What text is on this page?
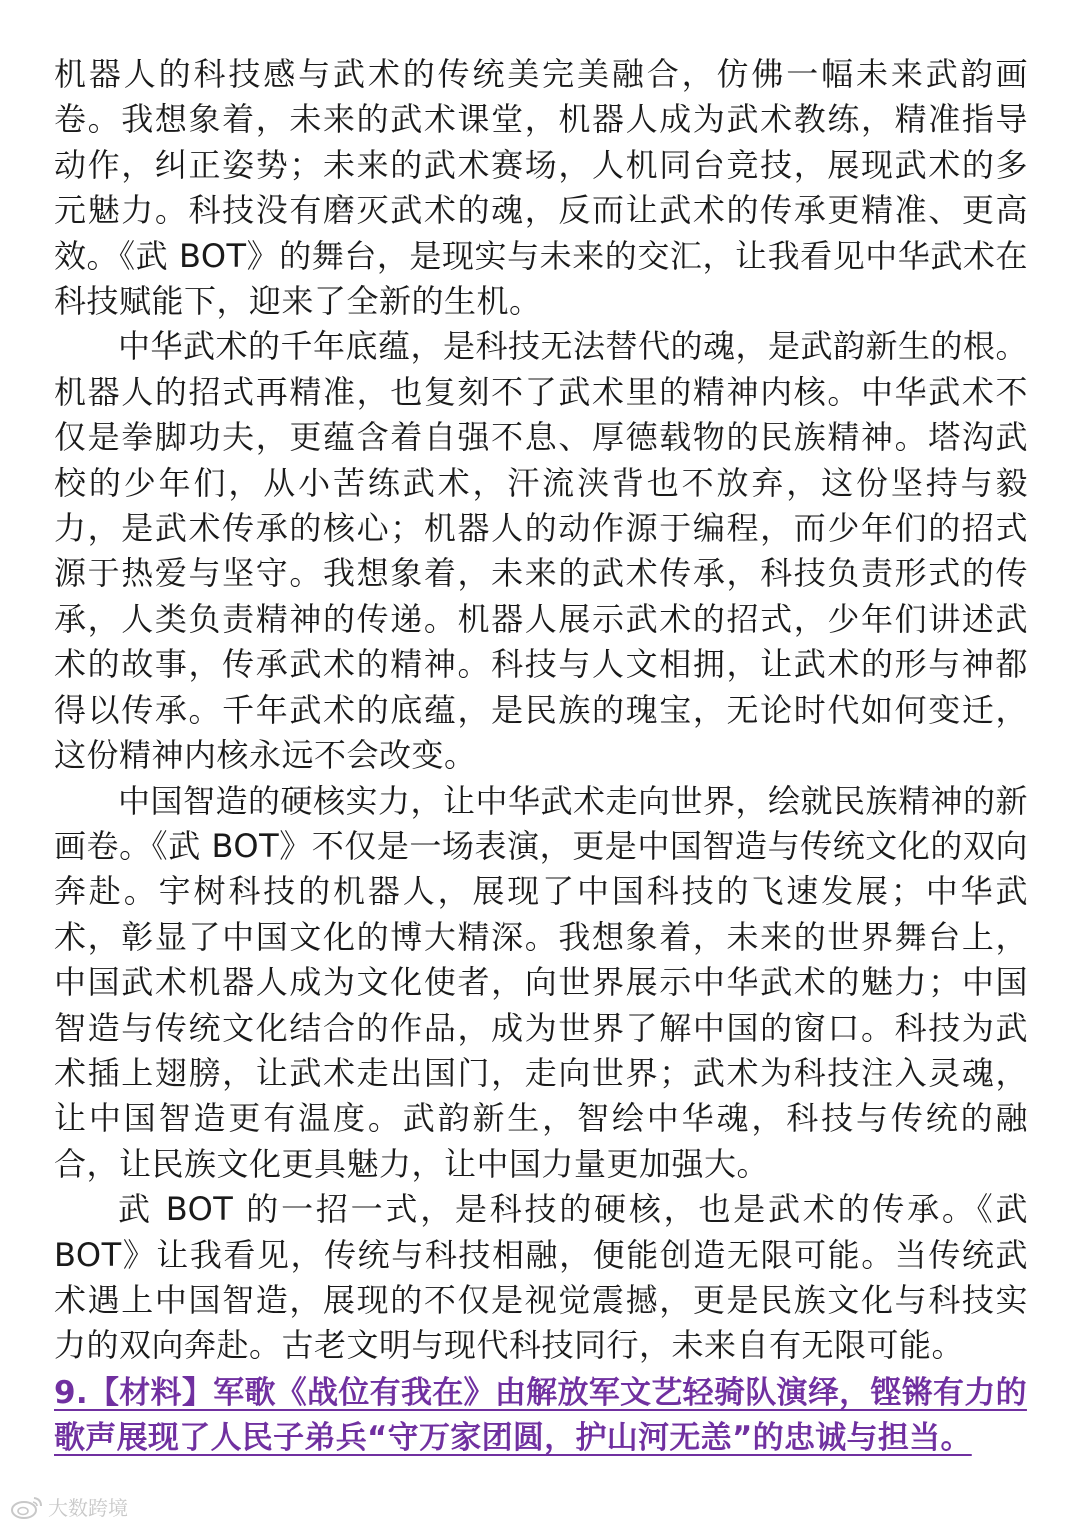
机器人的科技感与武术的传统美完美融合，仿佛一幅未来武韵画卷。我想象着，未来的武术课堂，机器人成为武术教练，精准指导动作，纠正姿势；未来的武术赛场，人机同台竞技，展现武术的多元魅力。科技没有磨灭武术的魂，反而让武术的传承更精准、更高效。《武 BOT》的舞台，是现实与未来的交汇，让我看见中华武术在科技赋能下，迎来了全新的生机。

中华武术的千年底蕴，是科技无法替代的魂，是武韵新生的根。机器人的招式再精准，也复刻不了武术里的精神内核。中华武术不仅是拳脚功夫，更蕴含着自强不息、厚德载物的民族精神。塔沟武校的少年们，从小苦练武术，汗流浃背也不放弃，这份坚持与毅力，是武术传承的核心；机器人的动作源于编程，而少年们的招式源于热爱与坚守。我想象着，未来的武术传承，科技负责形式的传承，人类负责精神的传递。机器人展示武术的招式，少年们讲述武术的故事，传承武术的精神。科技与人文相拥，让武术的形与神都得以传承。千年武术的底蕴，是民族的瑰宝，无论时代如何变迁，这份精神内核永远不会改变。

中国智造的硬核实力，让中华武术走向世界，绘就民族精神的新画卷。《武 BOT》不仅是一场表演，更是中国智造与传统文化的双向奔赴。宇树科技的机器人，展现了中国科技的飞速发展；中华武术，彰显了中国文化的博大精深。我想象着，未来的世界舞台上，中国武术机器人成为文化使者，向世界展示中华武术的魅力；中国智造与传统文化结合的作品，成为世界了解中国的窗口。科技为武术插上翅膀，让武术走出国门，走向世界；武术为科技注入灵魂，让中国智造更有温度。武韵新生，智绘中华魂，科技与传统的融合，让民族文化更具魅力，让中国力量更加强大。

武 BOT 的一招一式，是科技的硬核，也是武术的传承。《武 BOT》让我看见，传统与科技相融，便能创造无限可能。当传统武术遇上中国智造，展现的不仅是视觉震撼，更是民族文化与科技实力的双向奔赴。古老文明与现代科技同行，未来自有无限可能。

9.【材料】军歌《战位有我在》由解放军文艺轻骑队演绎，铿锵有力的歌声展现了人民子弟兵“守万家团圆，护山河无恙”的忠诚与担当。

大数跨境
